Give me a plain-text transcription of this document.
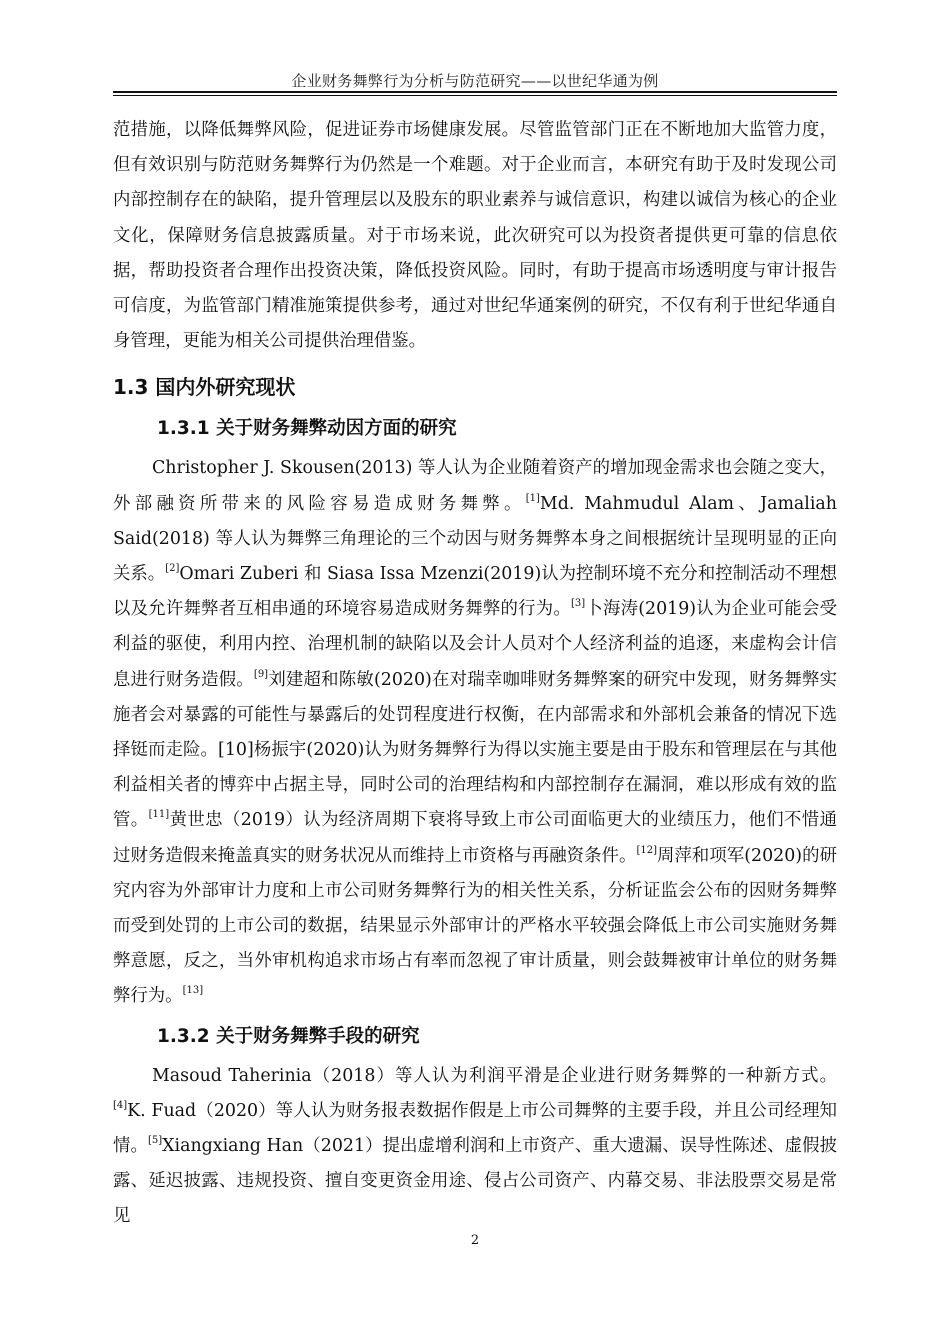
企业财务舞弊行为分析与防范研究——以世纪华通为例

范措施，以降低舞弊风险，促进证券市场健康发展。尽管监管部门正在不断地加大监管力度，但有效识别与防范财务舞弊行为仍然是一个难题。对于企业而言，本研究有助于及时发现公司内部控制存在的缺陷，提升管理层以及股东的职业素养与诚信意识，构建以诚信为核心的企业文化，保障财务信息披露质量。对于市场来说，此次研究可以为投资者提供更可靠的信息依据，帮助投资者合理作出投资决策，降低投资风险。同时，有助于提高市场透明度与审计报告可信度，为监管部门精准施策提供参考，通过对世纪华通案例的研究，不仅有利于世纪华通自身管理，更能为相关公司提供治理借鉴。

1.3 国内外研究现状
1.3.1 关于财务舞弊动因方面的研究

Christopher J. Skousen(2013) 等人认为企业随着资产的增加现金需求也会随之变大，外部融资所带来的风险容易造成财务舞弊。[1]Md. Mahmudul Alam、Jamaliah Said(2018) 等人认为舞弊三角理论的三个动因与财务舞弊本身之间根据统计呈现明显的正向关系。[2]Omari Zuberi 和 Siasa Issa Mzenzi(2019)认为控制环境不充分和控制活动不理想以及允许舞弊者互相串通的环境容易造成财务舞弊的行为。[3]卜海涛(2019)认为企业可能会受利益的驱使，利用内控、治理机制的缺陷以及会计人员对个人经济利益的追逐，来虚构会计信息进行财务造假。[9]刘建超和陈敏(2020)在对瑞幸咖啡财务舞弊案的研究中发现，财务舞弊实施者会对暴露的可能性与暴露后的处罚程度进行权衡，在内部需求和外部机会兼备的情况下选择铤而走险。[10]杨振宇(2020)认为财务舞弊行为得以实施主要是由于股东和管理层在与其他利益相关者的博弈中占据主导，同时公司的治理结构和内部控制存在漏洞，难以形成有效的监管。[11]黄世忠（2019）认为经济周期下衰将导致上市公司面临更大的业绩压力，他们不惜通过财务造假来掩盖真实的财务状况从而维持上市资格与再融资条件。[12]周萍和项军(2020)的研究内容为外部审计力度和上市公司财务舞弊行为的相关性关系，分析证监会公布的因财务舞弊而受到处罚的上市公司的数据，结果显示外部审计的严格水平较强会降低上市公司实施财务舞弊意愿，反之，当外审机构追求市场占有率而忽视了审计质量，则会鼓舞被审计单位的财务舞弊行为。[13]

1.3.2 关于财务舞弊手段的研究

Masoud Taherinia（2018）等人认为利润平滑是企业进行财务舞弊的一种新方式。[4]K. Fuad（2020）等人认为财务报表数据作假是上市公司舞弊的主要手段，并且公司经理知情。[5]Xiangxiang Han（2021）提出虚增利润和上市资产、重大遗漏、误导性陈述、虚假披露、延迟披露、违规投资、擅自变更资金用途、侵占公司资产、内幕交易、非法股票交易是常见

2
